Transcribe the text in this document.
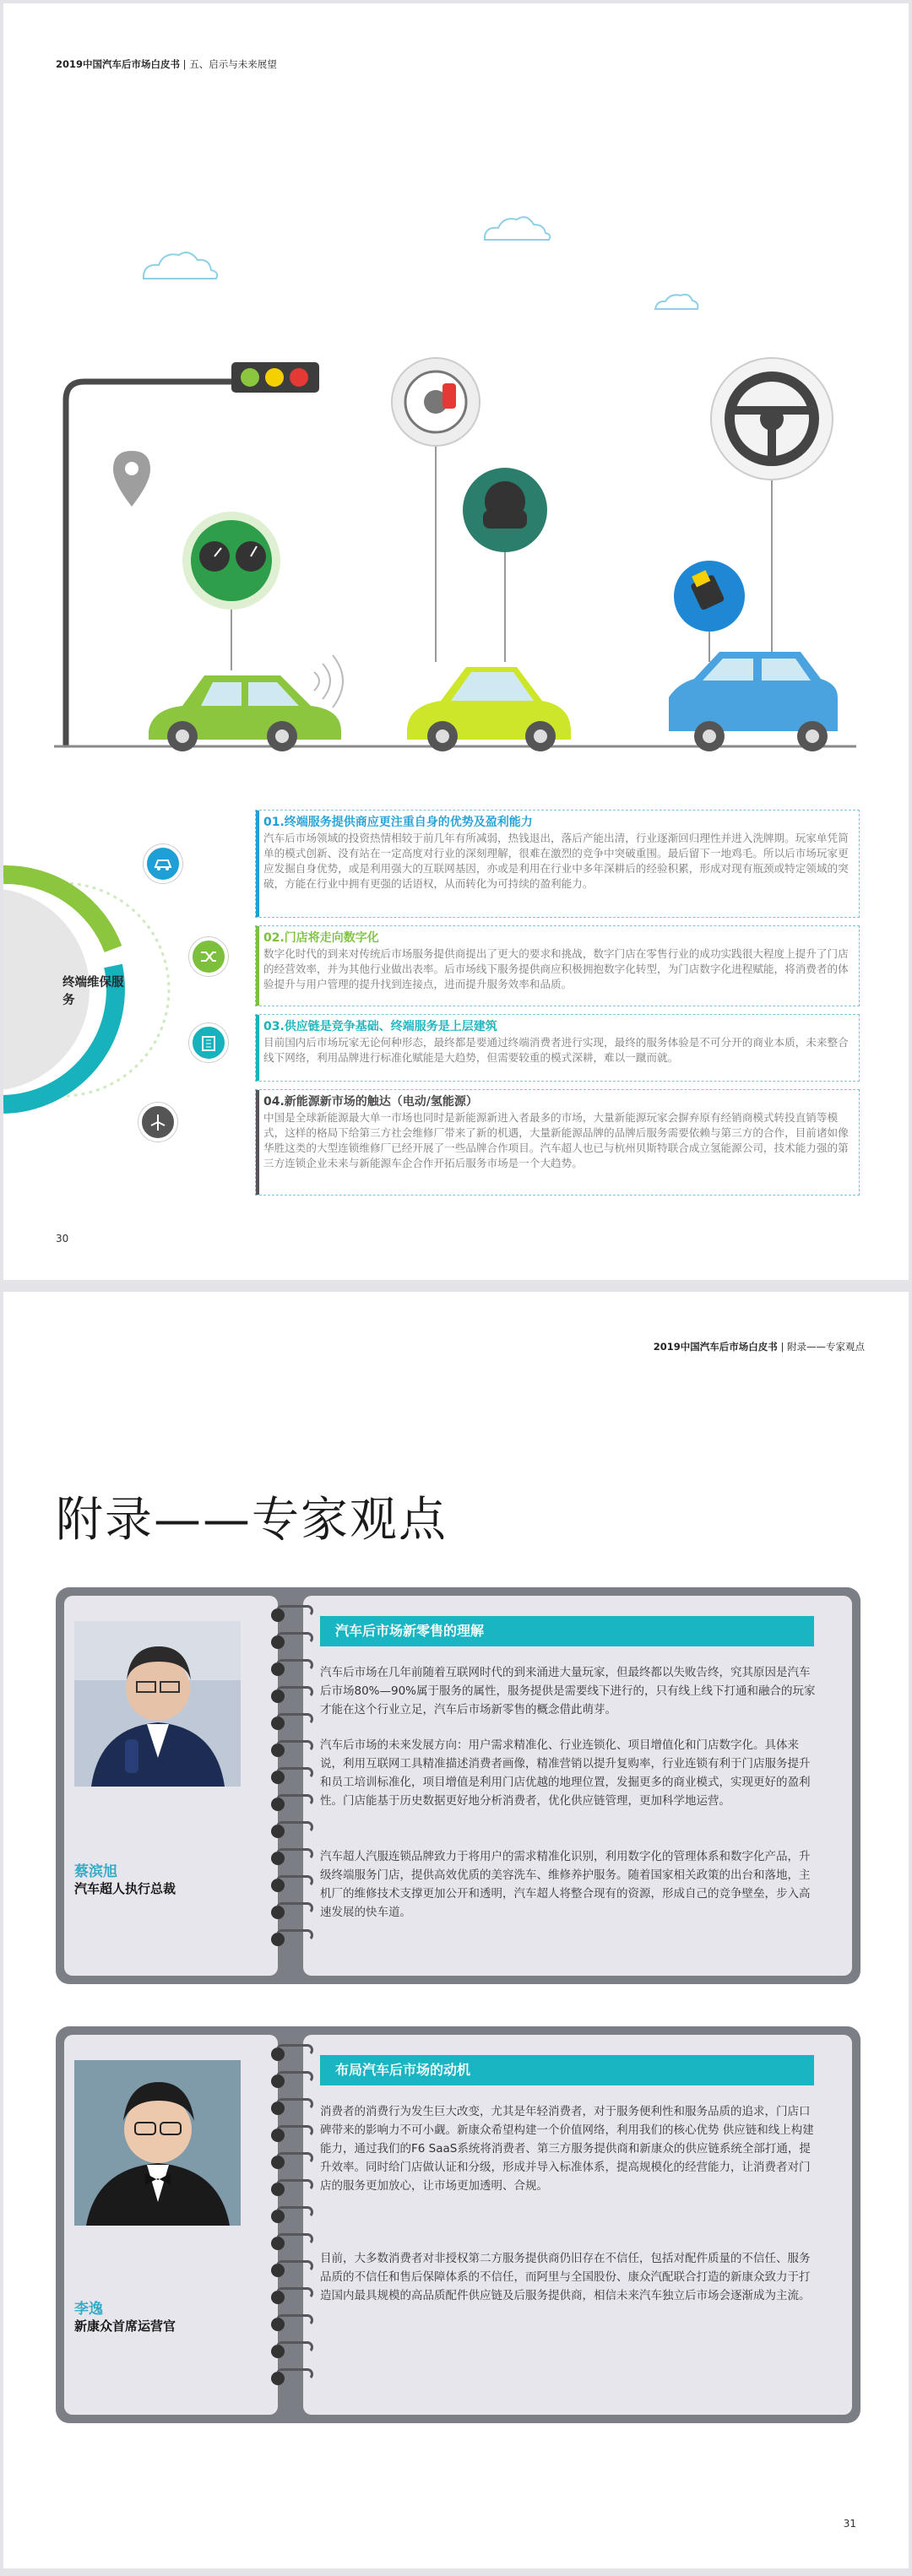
2019中国汽车后市场白皮书 | 五、启示与未来展望
终端维保服务
01.终端服务提供商应更注重自身的优势及盈利能力
汽车后市场领域的投资热情相较于前几年有所减弱，热钱退出，落后产能出清，行业逐渐回归理性并进入洗牌期。玩家单凭简单的模式创新、没有站在一定高度对行业的深刻理解，很难在激烈的竞争中突破重围。最后留下一地鸡毛。所以后市场玩家更应发掘自身优势，或是利用强大的互联网基因，亦或是利用在行业中多年深耕后的经验积累，形成对现有瓶颈或特定领域的突破，方能在行业中拥有更强的话语权，从而转化为可持续的盈利能力。
02.门店将走向数字化
数字化时代的到来对传统后市场服务提供商提出了更大的要求和挑战，数字门店在零售行业的成功实践很大程度上提升了门店的经营效率，并为其他行业做出表率。后市场线下服务提供商应积极拥抱数字化转型，为门店数字化进程赋能，将消费者的体验提升与用户管理的提升找到连接点，进而提升服务效率和品质。
03.供应链是竞争基础、终端服务是上层建筑
目前国内后市场玩家无论何种形态，最终都是要通过终端消费者进行实现，最终的服务体验是不可分开的商业本质，未来整合线下网络，利用品牌进行标准化赋能是大趋势，但需要较重的模式深耕，难以一蹴而就。
04.新能源新市场的触达（电动/氢能源）
中国是全球新能源最大单一市场也同时是新能源新进入者最多的市场，大量新能源玩家会摒弃原有经销商模式转投直销等模式，这样的格局下给第三方社会维修厂带来了新的机遇，大量新能源品牌的品牌后服务需要依赖与第三方的合作，目前诸如像华胜这类的大型连锁维修厂已经开展了一些品牌合作项目。汽车超人也已与杭州贝斯特联合成立氢能源公司，技术能力强的第三方连锁企业未来与新能源车企合作开拓后服务市场是一个大趋势。
30
2019中国汽车后市场白皮书 | 附录——专家观点
附录——专家观点
蔡滨旭
汽车超人执行总裁
汽车后市场新零售的理解
汽车后市场在几年前随着互联网时代的到来涌进大量玩家，但最终都以失败告终，究其原因是汽车后市场80%—90%属于服务的属性，服务提供是需要线下进行的，只有线上线下打通和融合的玩家才能在这个行业立足，汽车后市场新零售的概念借此萌芽。
汽车后市场的未来发展方向：用户需求精准化、行业连锁化、项目增值化和门店数字化。具体来说，利用互联网工具精准描述消费者画像，精准营销以提升复购率，行业连锁有利于门店服务提升和员工培训标准化，项目增值是利用门店优越的地理位置，发掘更多的商业模式，实现更好的盈利性。门店能基于历史数据更好地分析消费者，优化供应链管理，更加科学地运营。
汽车超人汽服连锁品牌致力于将用户的需求精准化识别，利用数字化的管理体系和数字化产品，升级终端服务门店，提供高效优质的美容洗车、维修养护服务。随着国家相关政策的出台和落地，主机厂的维修技术支撑更加公开和透明，汽车超人将整合现有的资源，形成自己的竞争壁垒，步入高速发展的快车道。
李逸
新康众首席运营官
布局汽车后市场的动机
消费者的消费行为发生巨大改变，尤其是年轻消费者，对于服务便利性和服务品质的追求，门店口碑带来的影响力不可小觑。新康众希望构建一个价值网络，利用我们的核心优势 供应链和线上构建能力，通过我们的F6 SaaS系统将消费者、第三方服务提供商和新康众的供应链系统全部打通，提升效率。同时给门店做认证和分级，形成并导入标准体系，提高规模化的经营能力，让消费者对门店的服务更加放心，让市场更加透明、合规。
目前，大多数消费者对非授权第二方服务提供商仍旧存在不信任，包括对配件质量的不信任、服务品质的不信任和售后保障体系的不信任，而阿里与全国股份、康众汽配联合打造的新康众致力于打造国内最具规模的高品质配件供应链及后服务提供商，相信未来汽车独立后市场会逐渐成为主流。
31
